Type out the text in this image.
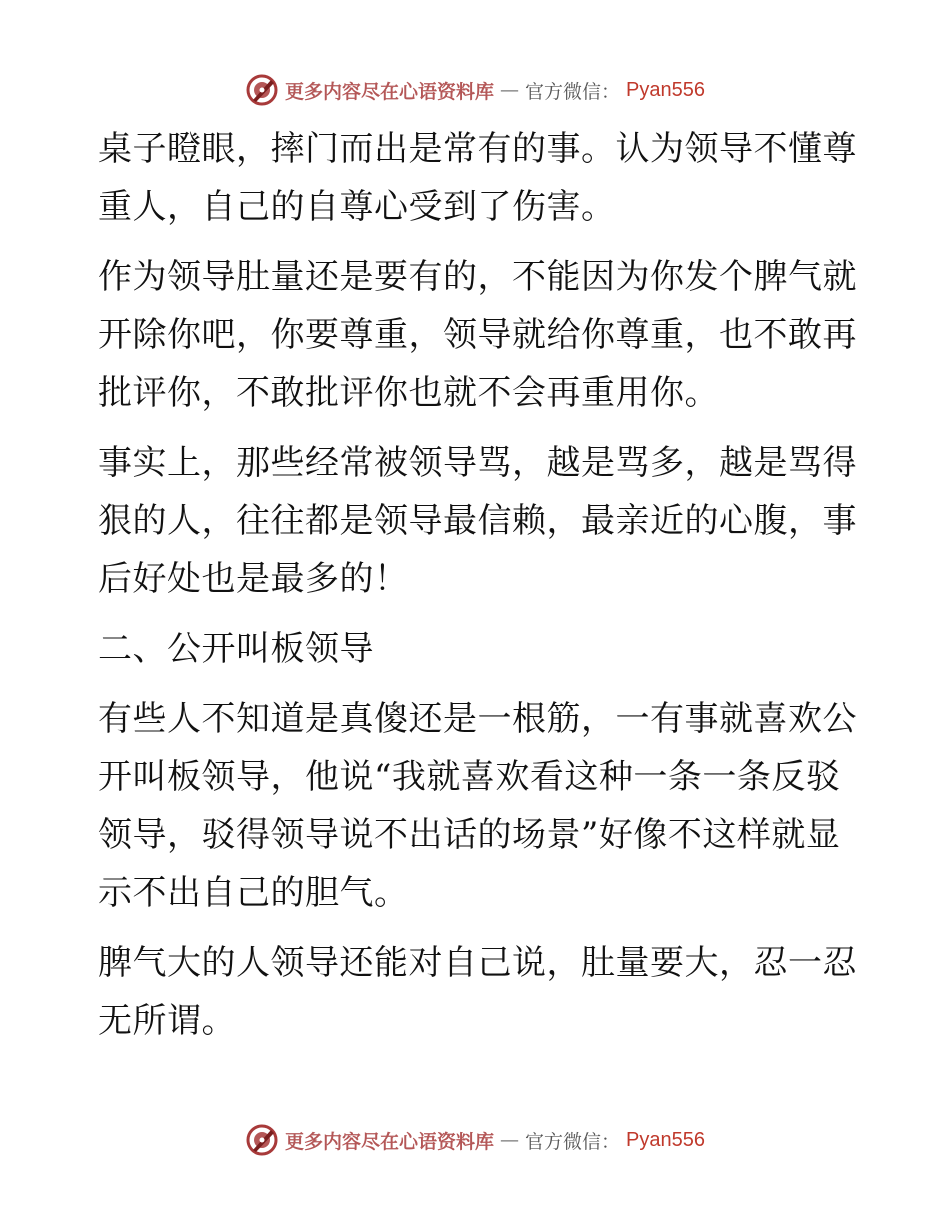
更多内容尽在心语资料库 — 官方微信： Pyan556

桌子瞪眼，摔门而出是常有的事。认为领导不懂尊重人，自己的自尊心受到了伤害。

作为领导肚量还是要有的，不能因为你发个脾气就开除你吧，你要尊重，领导就给你尊重，也不敢再批评你，不敢批评你也就不会再重用你。

事实上，那些经常被领导骂，越是骂多，越是骂得狠的人，往往都是领导最信赖，最亲近的心腹，事后好处也是最多的！

二、公开叫板领导

有些人不知道是真傻还是一根筋，一有事就喜欢公开叫板领导，他说“我就喜欢看这种一条一条反驳领导，驳得领导说不出话的场景”好像不这样就显示不出自己的胆气。

脾气大的人领导还能对自己说，肚量要大，忍一忍无所谓。

更多内容尽在心语资料库 — 官方微信： Pyan556
